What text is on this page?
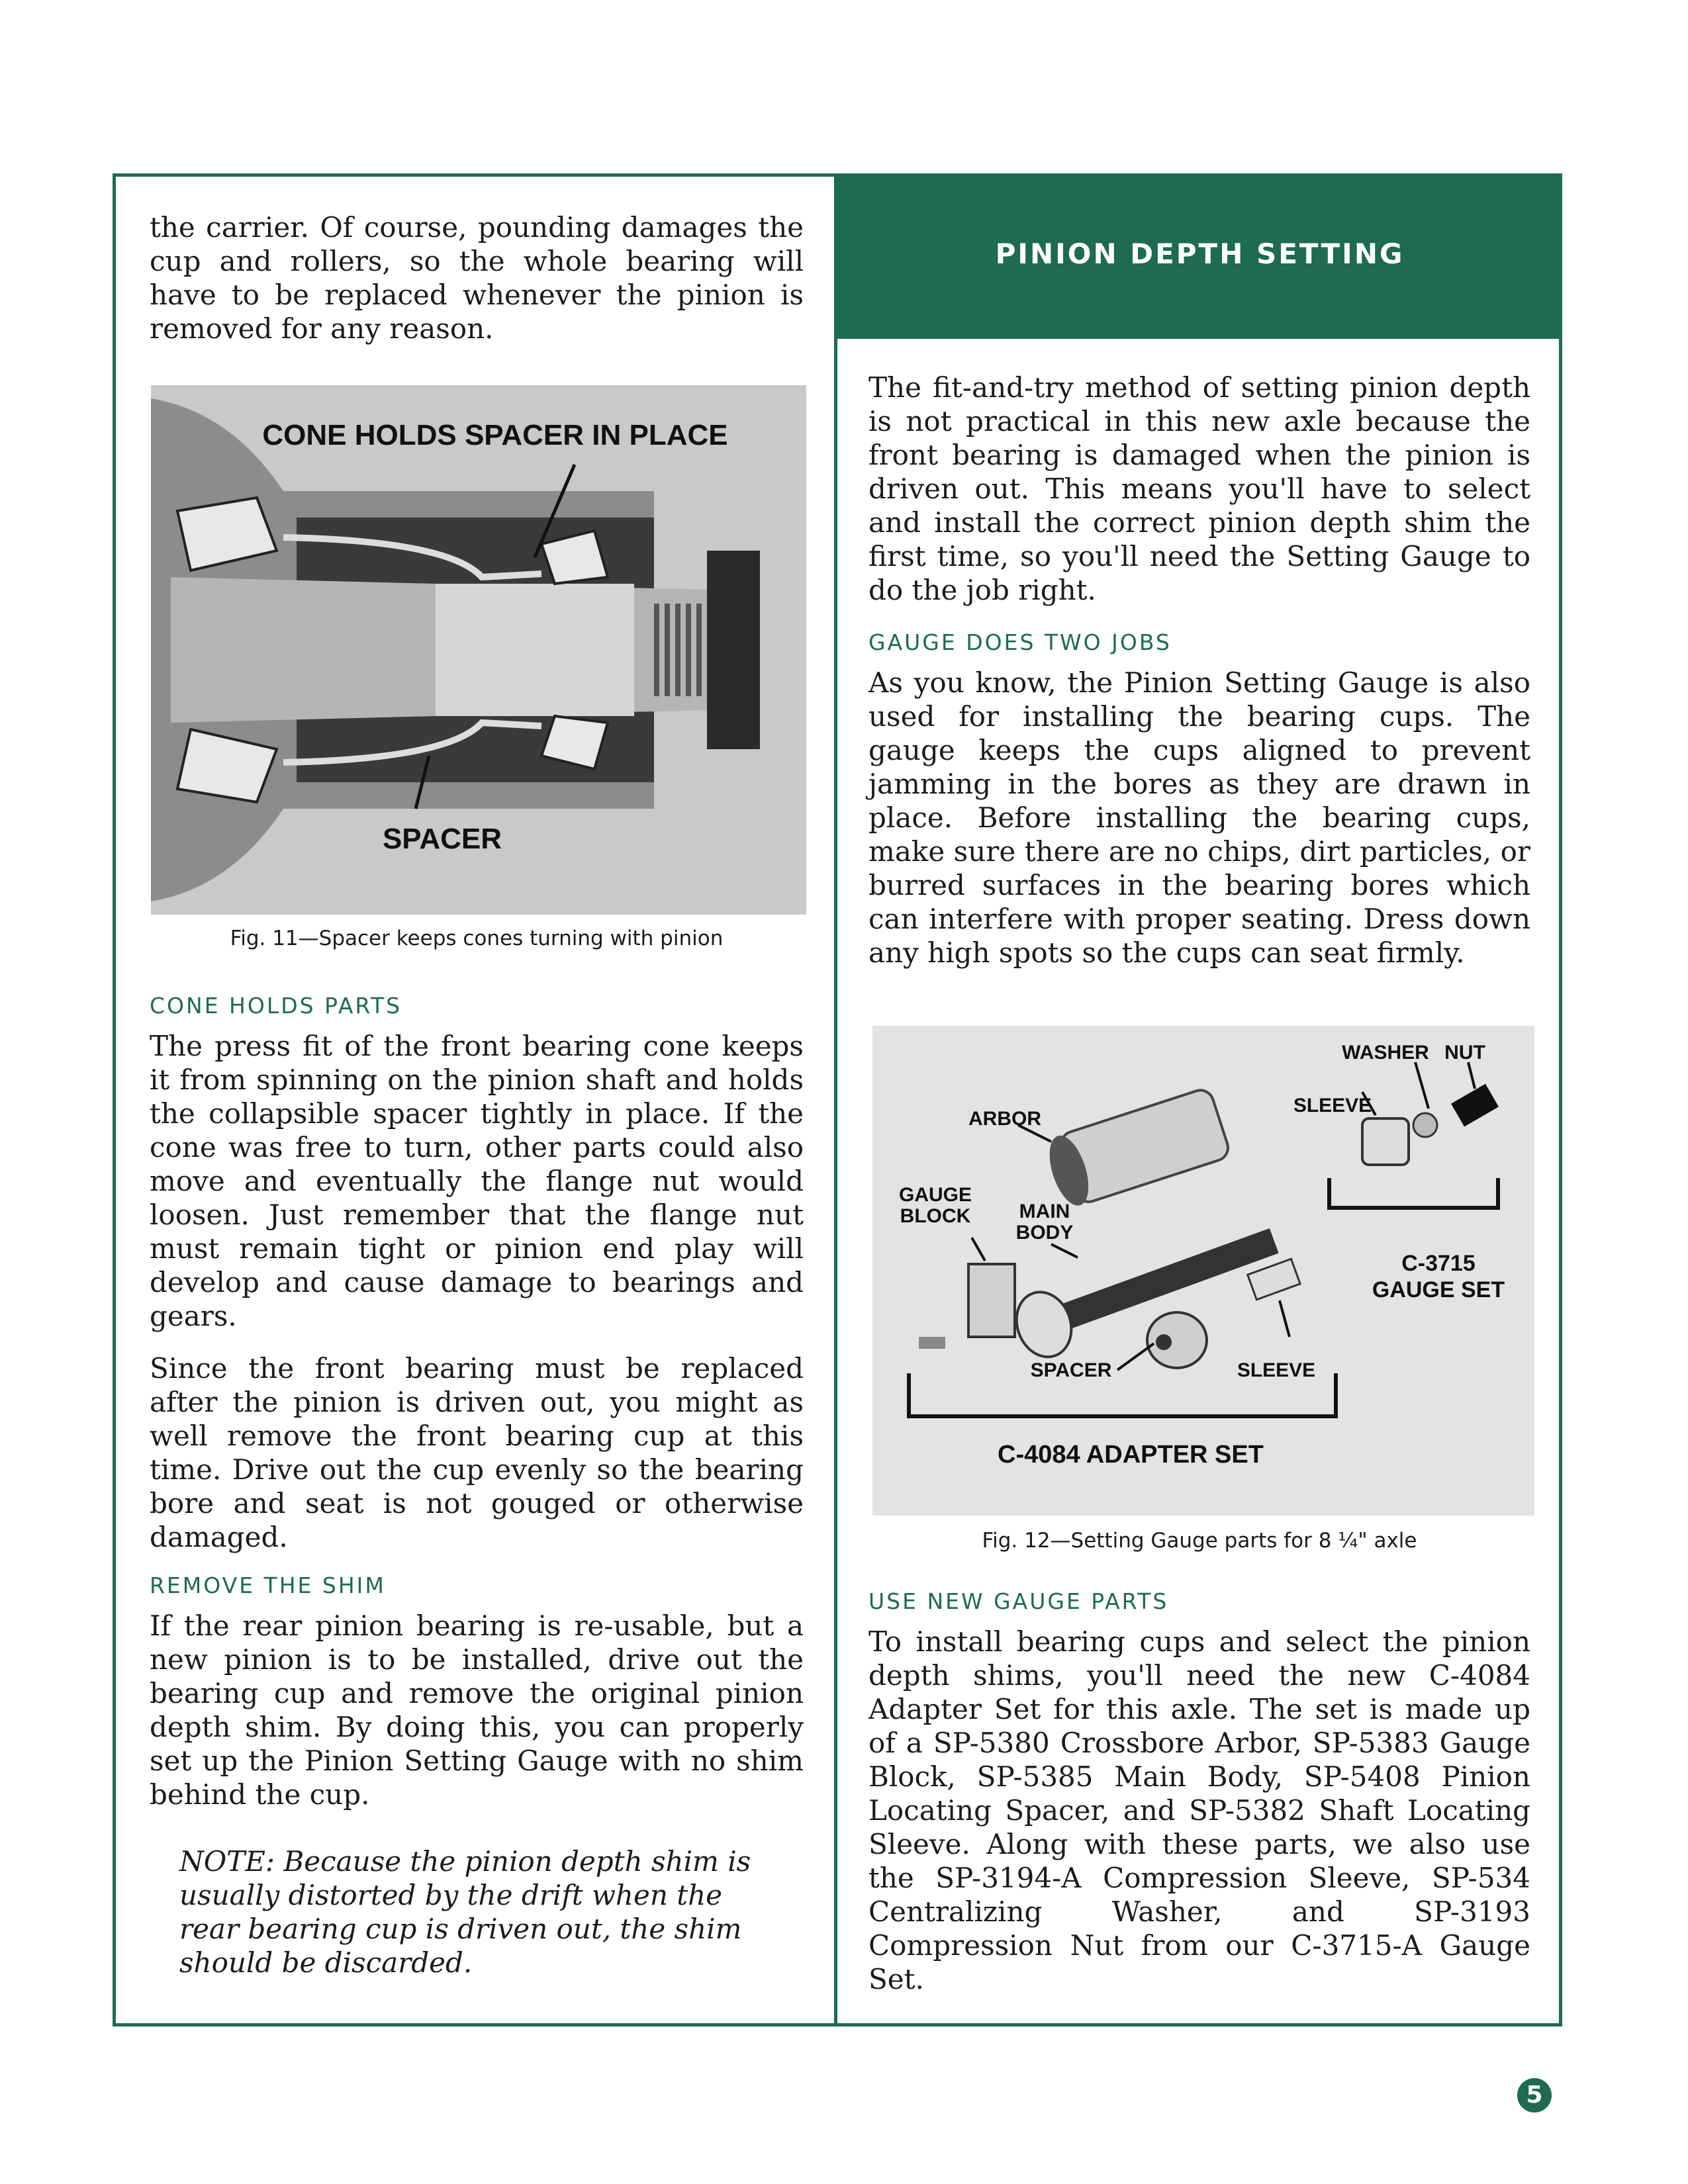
PINION DEPTH SETTING

the carrier. Of course, pounding damages the cup and rollers, so the whole bearing will have to be replaced whenever the pinion is removed for any reason.

CONE HOLDS SPACER IN PLACE
SPACER

Fig. 11—Spacer keeps cones turning with pinion

CONE HOLDS PARTS

The press fit of the front bearing cone keeps it from spinning on the pinion shaft and holds the collapsible spacer tightly in place. If the cone was free to turn, other parts could also move and eventually the flange nut would loosen. Just remember that the flange nut must remain tight or pinion end play will develop and cause damage to bearings and gears.

Since the front bearing must be replaced after the pinion is driven out, you might as well remove the front bearing cup at this time. Drive out the cup evenly so the bearing bore and seat is not gouged or otherwise damaged.

REMOVE THE SHIM

If the rear pinion bearing is re-usable, but a new pinion is to be installed, drive out the bearing cup and remove the original pinion depth shim. By doing this, you can properly set up the Pinion Setting Gauge with no shim behind the cup.

NOTE: Because the pinion depth shim is usually distorted by the drift when the rear bearing cup is driven out, the shim should be discarded.

The fit-and-try method of setting pinion depth is not practical in this new axle because the front bearing is damaged when the pinion is driven out. This means you'll have to select and install the correct pinion depth shim the first time, so you'll need the Setting Gauge to do the job right.

GAUGE DOES TWO JOBS

As you know, the Pinion Setting Gauge is also used for installing the bearing cups. The gauge keeps the cups aligned to prevent jamming in the bores as they are drawn in place. Before installing the bearing cups, make sure there are no chips, dirt particles, or burred surfaces in the bearing bores which can interfere with proper seating. Dress down any high spots so the cups can seat firmly.

WASHER NUT
SLEEVE
ARBOR
GAUGE
BLOCK MAIN
BODY
C-3715
GAUGE SET
SPACER	SLEEVE
C-4084 ADAPTER SET

Fig. 12—Setting Gauge parts for 8 ¼" axle

USE NEW GAUGE PARTS

To install bearing cups and select the pinion depth shims, you'll need the new C-4084 Adapter Set for this axle. The set is made up of a SP-5380 Crossbore Arbor, SP-5383 Gauge Block, SP-5385 Main Body, SP-5408 Pinion Locating Spacer, and SP-5382 Shaft Locating Sleeve. Along with these parts, we also use the SP-3194-A Compression Sleeve, SP-534 Centralizing Washer, and SP-3193 Compression Nut from our C-3715-A Gauge Set.

5
